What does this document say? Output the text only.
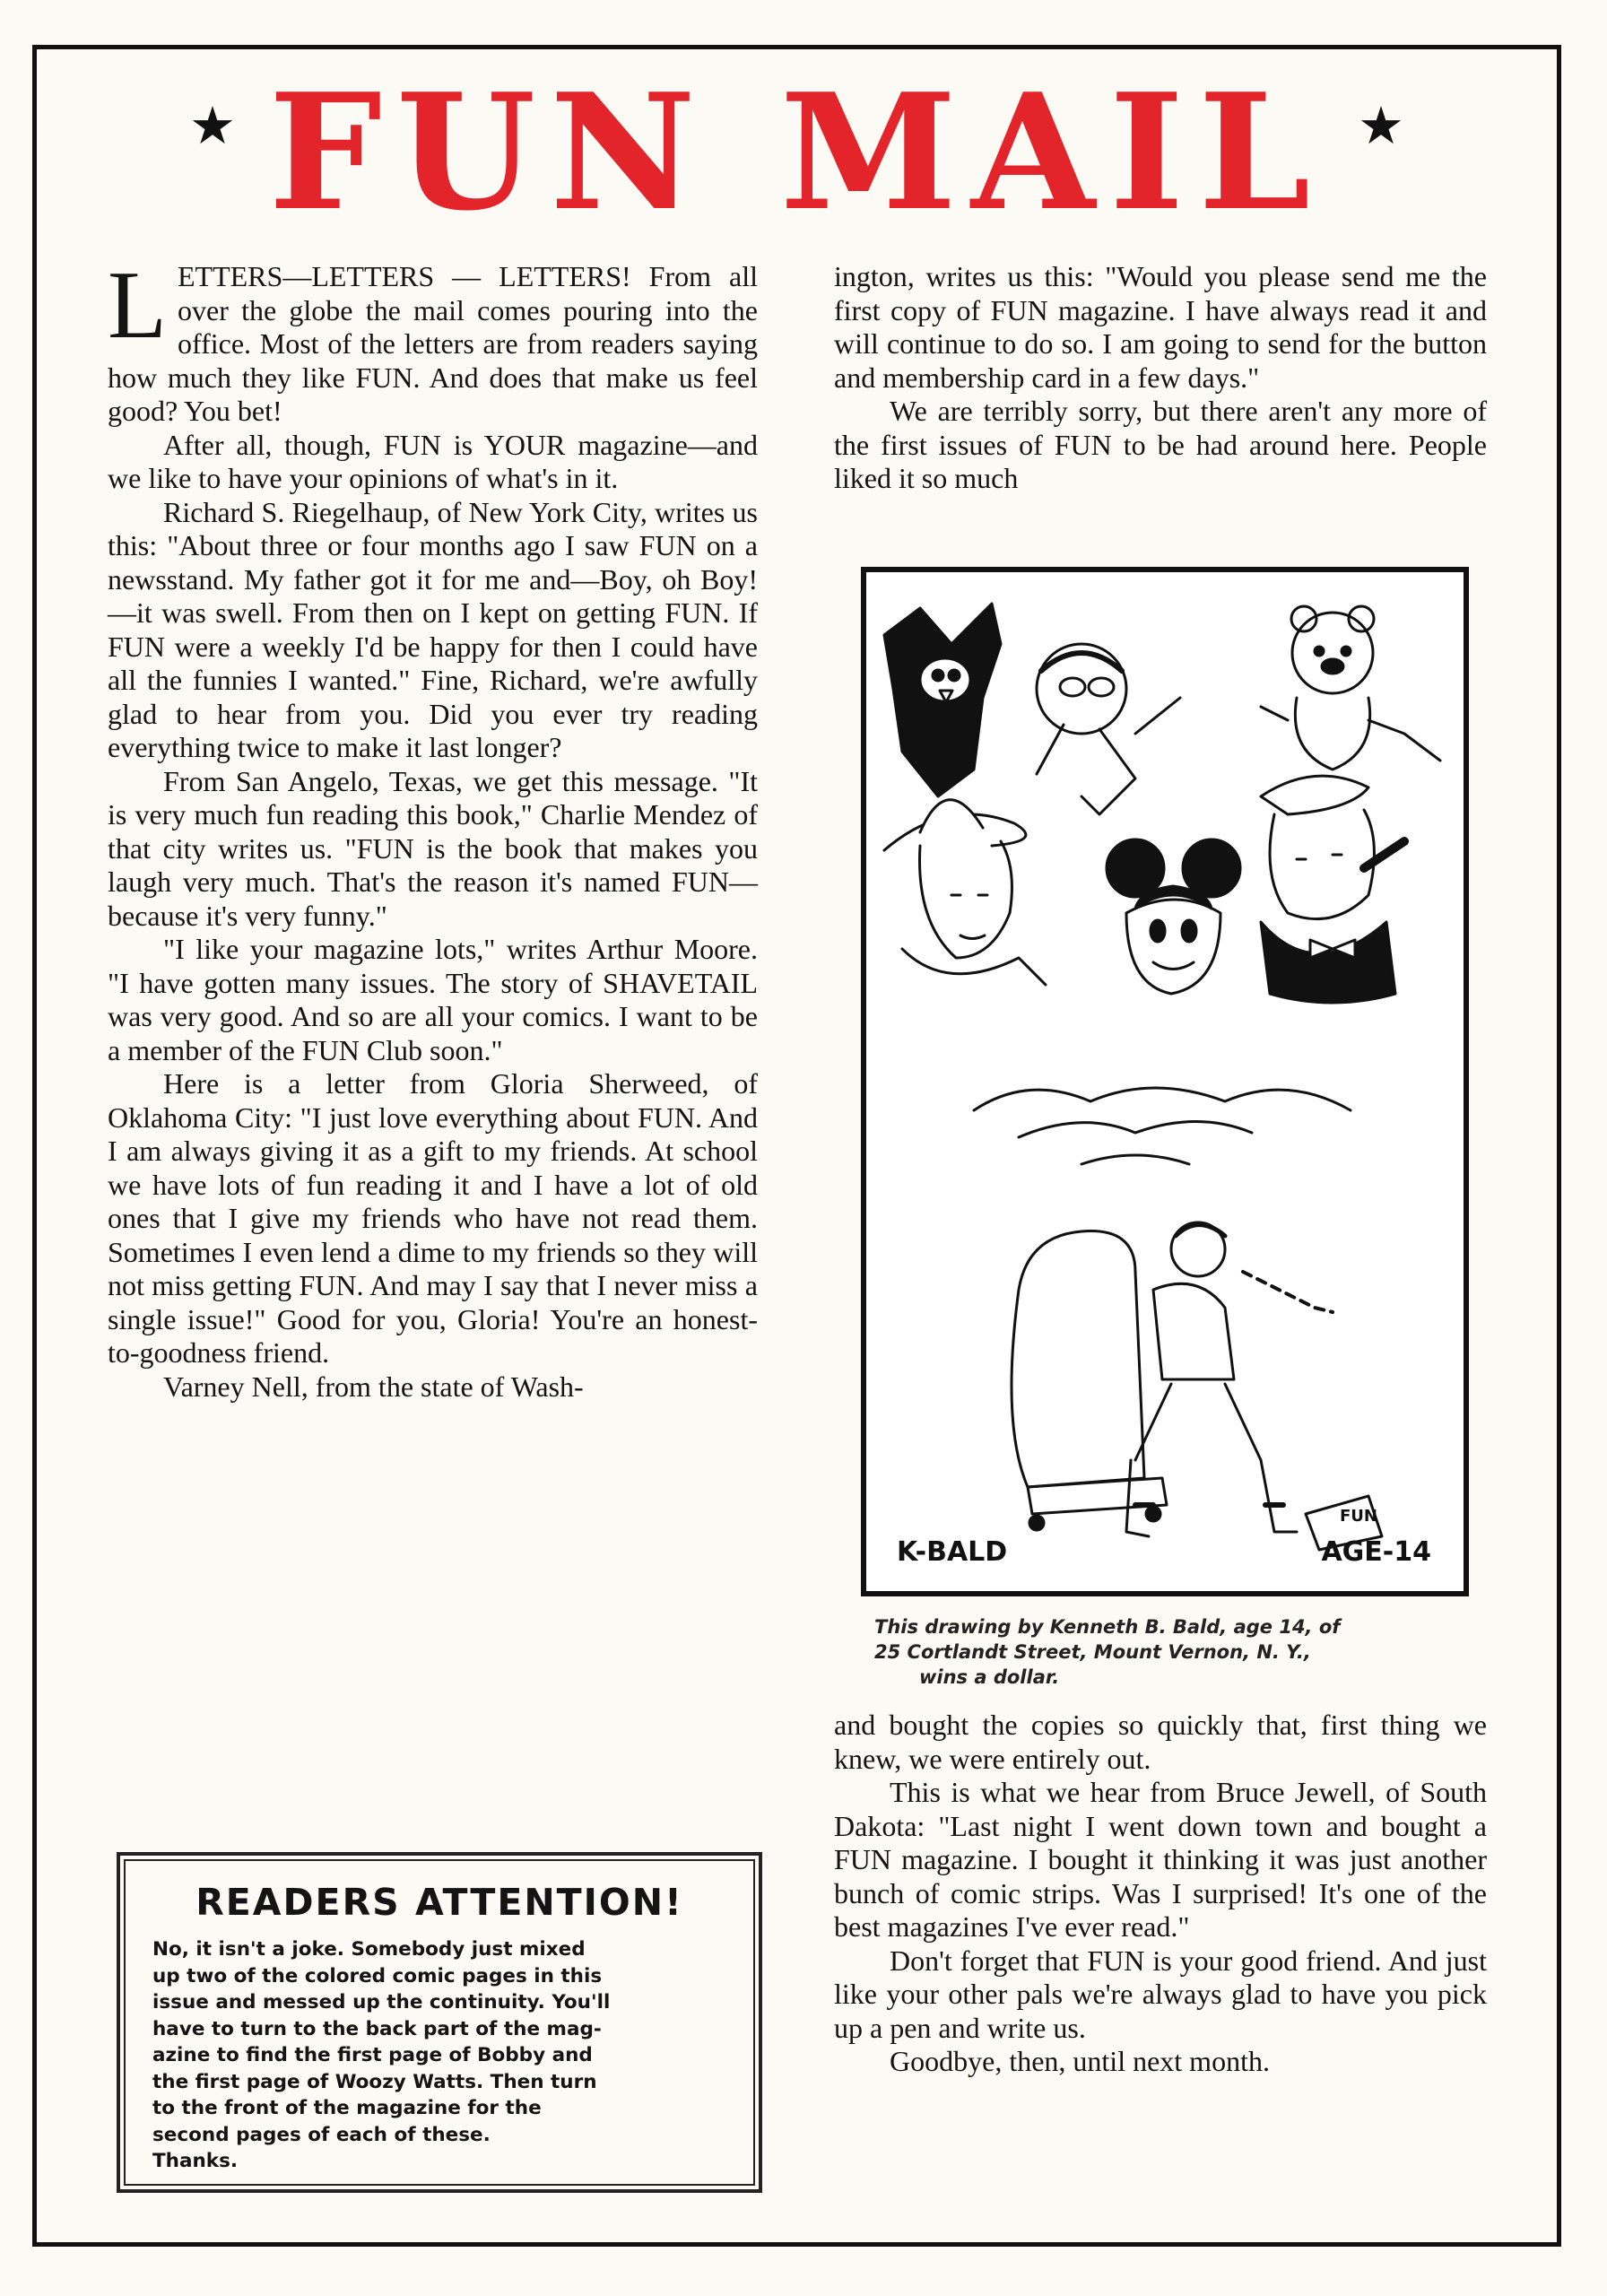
★ FUN MAIL ★

LETTERS—LETTERS — LETTERS! From all over the globe the mail comes pouring into the office. Most of the letters are from readers saying how much they like FUN. And does that make us feel good? You bet!

After all, though, FUN is YOUR magazine—and we like to have your opinions of what's in it.

Richard S. Riegelhaup, of New York City, writes us this: "About three or four months ago I saw FUN on a newsstand. My father got it for me and—Boy, oh Boy!—it was swell. From then on I kept on getting FUN. If FUN were a weekly I'd be happy for then I could have all the funnies I wanted." Fine, Richard, we're awfully glad to hear from you. Did you ever try reading everything twice to make it last longer?

From San Angelo, Texas, we get this message. "It is very much fun reading this book," Charlie Mendez of that city writes us. "FUN is the book that makes you laugh very much. That's the reason it's named FUN—because it's very funny."

"I like your magazine lots," writes Arthur Moore. "I have gotten many issues. The story of SHAVETAIL was very good. And so are all your comics. I want to be a member of the FUN Club soon."

Here is a letter from Gloria Sherweed, of Oklahoma City: "I just love everything about FUN. And I am always giving it as a gift to my friends. At school we have lots of fun reading it and I have a lot of old ones that I give my friends who have not read them. Sometimes I even lend a dime to my friends so they will not miss getting FUN. And may I say that I never miss a single issue!" Good for you, Gloria! You're an honest-to-goodness friend.

Varney Nell, from the state of Wash-

ington, writes us this: "Would you please send me the first copy of FUN magazine. I have always read it and will continue to do so. I am going to send for the button and membership card in a few days."

We are terribly sorry, but there aren't any more of the first issues of FUN to be had around here. People liked it so much

FUN
K-BALD	AGE-14
This drawing by Kenneth B. Bald, age 14, of
25 Cortlandt Street, Mount Vernon, N. Y.,
wins a dollar.

and bought the copies so quickly that, first thing we knew, we were entirely out.

This is what we hear from Bruce Jewell, of South Dakota: "Last night I went down town and bought a FUN magazine. I bought it thinking it was just another bunch of comic strips. Was I surprised! It's one of the best magazines I've ever read."

Don't forget that FUN is your good friend. And just like your other pals we're always glad to have you pick up a pen and write us.

Goodbye, then, until next month.

READERS ATTENTION!
No, it isn't a joke. Somebody just mixed
up two of the colored comic pages in this
issue and messed up the continuity. You'll
have to turn to the back part of the mag-
azine to find the first page of Bobby and
the first page of Woozy Watts. Then turn
to the front of the magazine for the
second pages of each of these.
Thanks.
